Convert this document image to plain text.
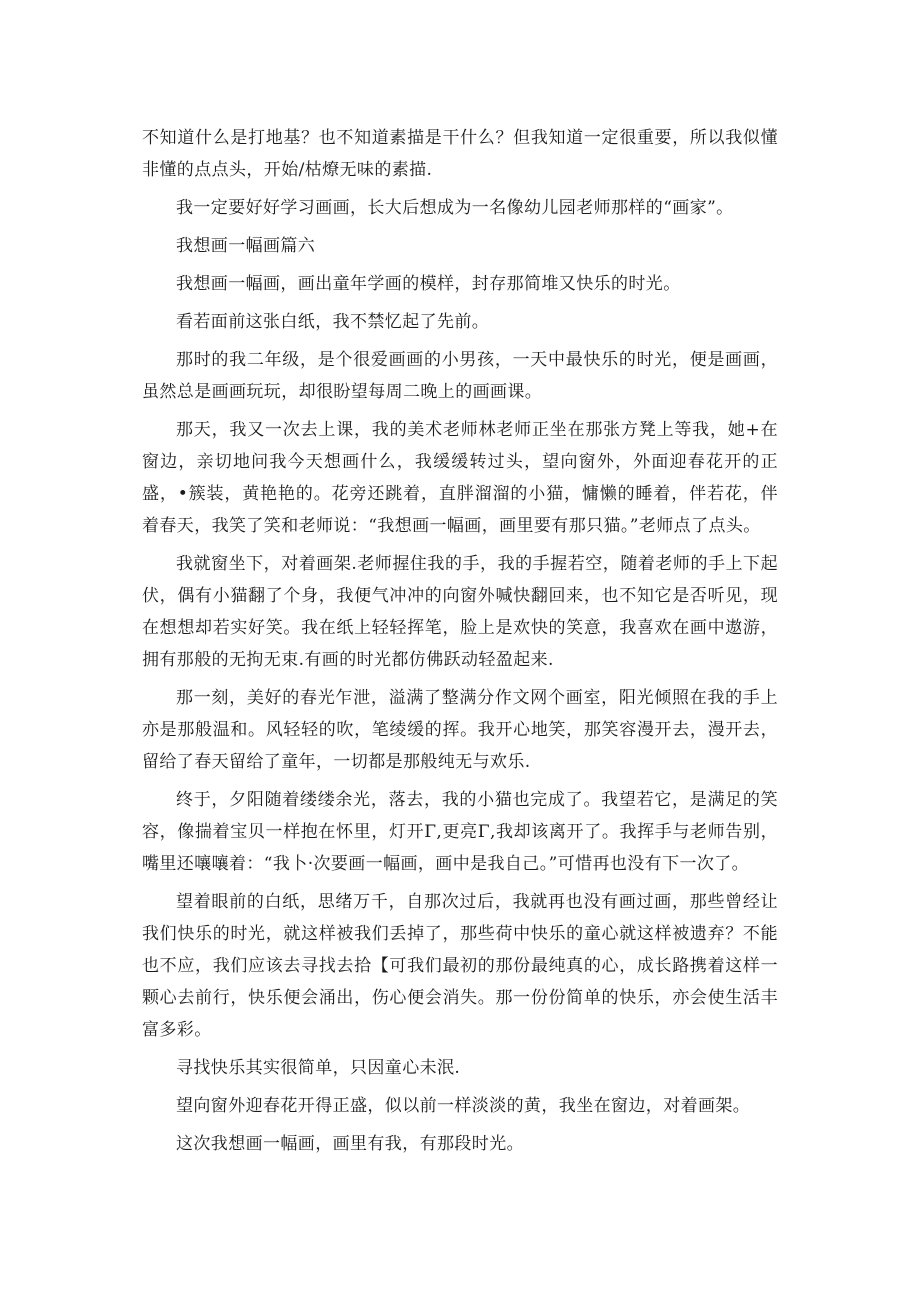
不知道什么是打地基？也不知道素描是干什么？但我知道一定很重要，所以我似懂非懂的点点头，开始/枯燎无味的素描.

我一定要好好学习画画，长大后想成为一名像幼儿园老师那样的“画家”。

我想画一幅画篇六

我想画一幅画，画出童年学画的模样，封存那简堆又快乐的时光。

看若面前这张白纸，我不禁忆起了先前。

那时的我二年级，是个很爱画画的小男孩，一天中最快乐的时光，便是画画，虽然总是画画玩玩，却很盼望每周二晚上的画画课。

那天，我又一次去上课，我的美术老师林老师正坐在那张方凳上等我，她+在窗边，亲切地问我今天想画什么，我缓缓转过头，望向窗外，外面迎春花开的正盛，•簇装，黄艳艳的。花旁还跳着，直胖溜溜的小猫，慵懒的睡着，伴若花，伴着春天，我笑了笑和老师说：“我想画一幅画，画里要有那只猫。”老师点了点头。

我就窗坐下，对着画架.老师握住我的手，我的手握若空，随着老师的手上下起伏，偶有小猫翻了个身，我便气冲冲的向窗外喊快翻回来，也不知它是否听见，现在想想却若实好笑。我在纸上轻轻挥笔，脸上是欢快的笑意，我喜欢在画中遨游，拥有那般的无拘无束.有画的时光都仿佛跃动轻盈起来.

那一刻，美好的春光乍泄，溢满了整满分作文网个画室，阳光倾照在我的手上亦是那般温和。风轻轻的吹，笔绫缓的挥。我开心地笑，那笑容漫开去，漫开去，留给了春天留给了童年，一切都是那般纯无与欢乐.

终于，夕阳随着缕缕余光，落去，我的小猫也完成了。我望若它，是满足的笑容，像揣着宝贝一样抱在怀里，灯开Γ,更亮Γ,我却该离开了。我挥手与老师告别，嘴里还嚷嚷着：“我卜·次要画一幅画，画中是我自己。”可惜再也没有下一次了。

望着眼前的白纸，思绪万千，自那次过后，我就再也没有画过画，那些曾经让我们快乐的时光，就这样被我们丢掉了，那些荷中快乐的童心就这样被遗弃？不能也不应，我们应该去寻找去拾【可我们最初的那份最纯真的心，成长路携着这样一颗心去前行，快乐便会涌出，伤心便会消失。那一份份简单的快乐，亦会使生活丰富多彩。

寻找快乐其实很简单，只因童心未泯.

望向窗外迎春花开得正盛，似以前一样淡淡的黄，我坐在窗边，对着画架。

这次我想画一幅画，画里有我，有那段时光。
